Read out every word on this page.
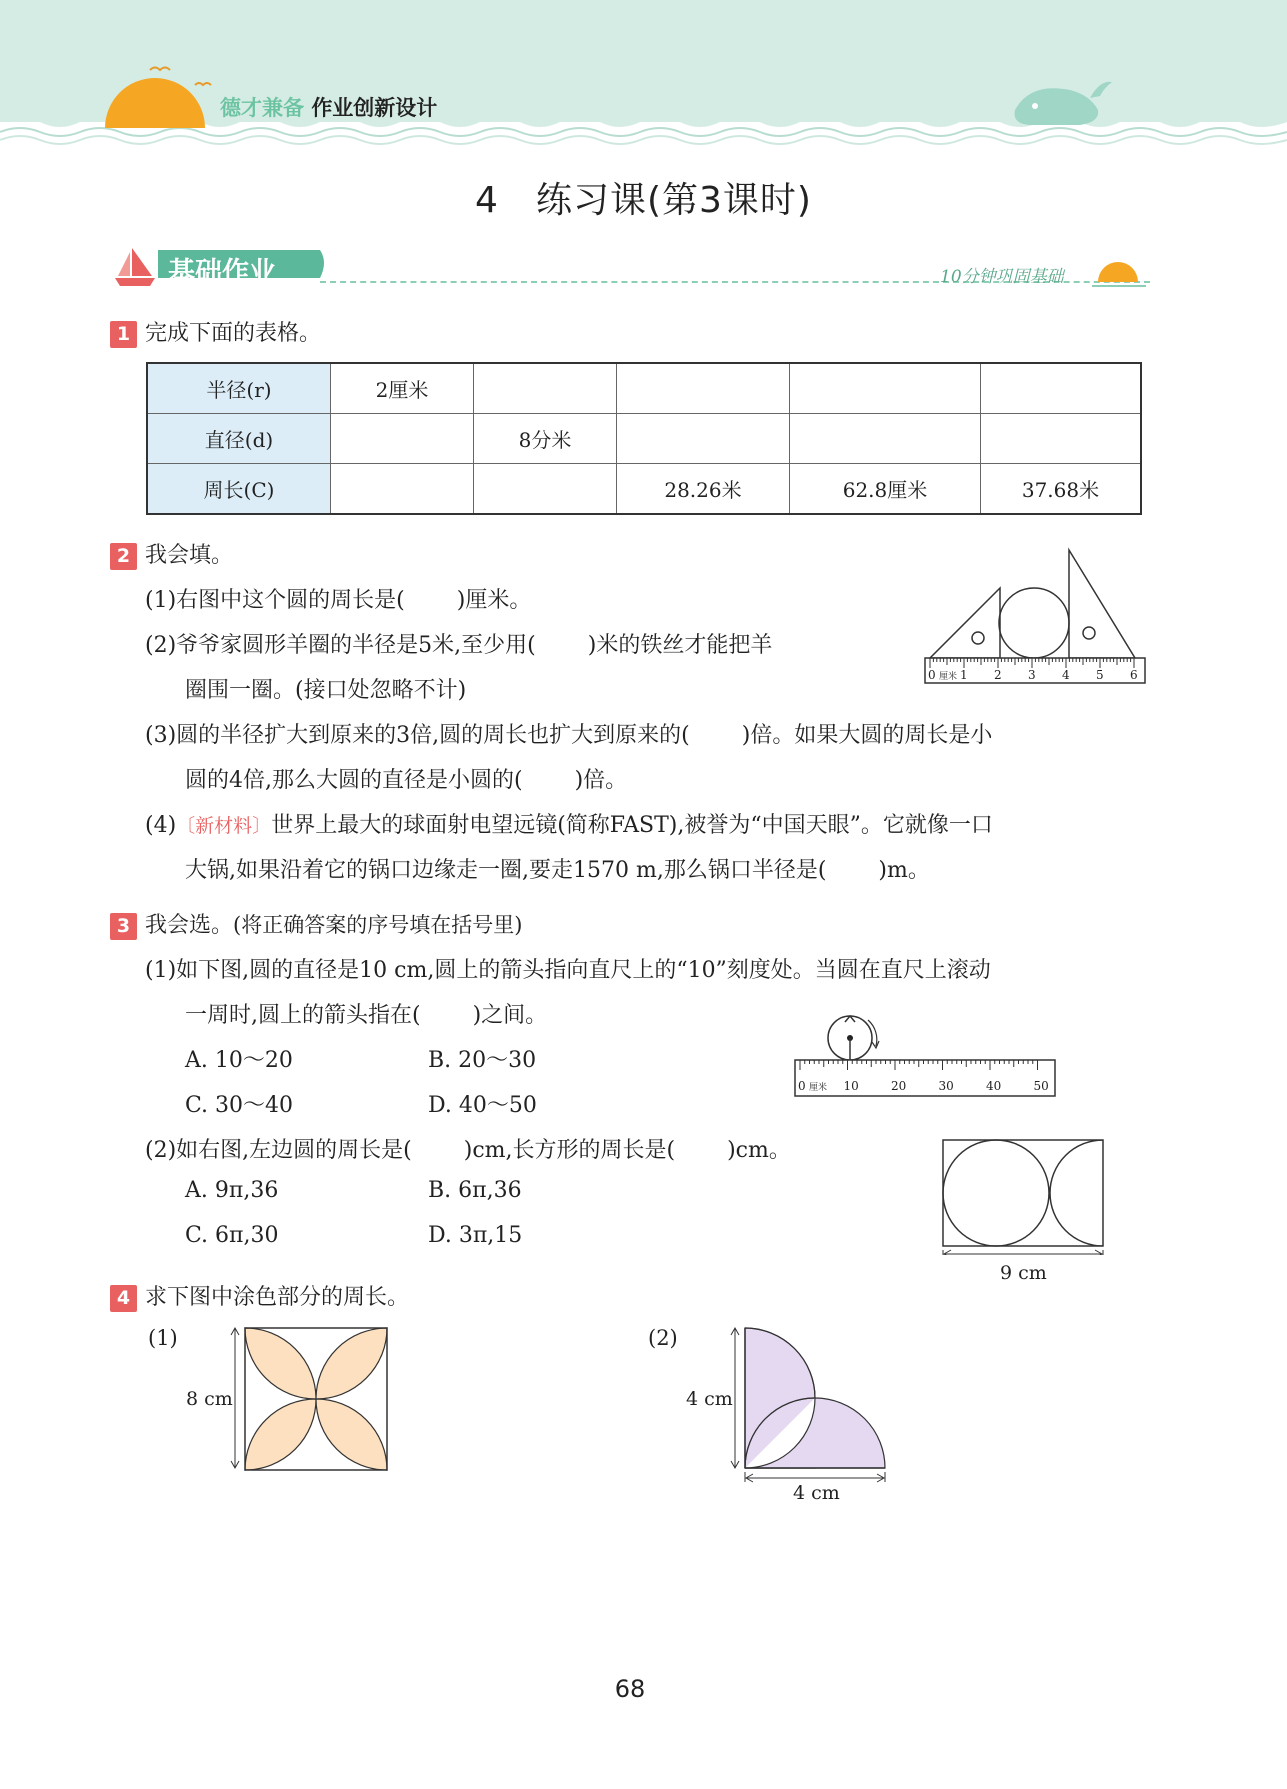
德才兼备 作业创新设计
4　练习课(第3课时)
基础作业	10分钟巩固基础
1 完成下面的表格。
半径(r)	2厘米				
直径(d)		8分米			
周长(C)			28.26米	62.8厘米	37.68米
2 我会填。
(1)右图中这个圆的周长是( )厘米。
(2)爷爷家圆形羊圈的半径是5米,至少用( )米的铁丝才能把羊
圈围一圈。(接口处忽略不计)
(3)圆的半径扩大到原来的3倍,圆的周长也扩大到原来的( )倍。如果大圆的周长是小
圆的4倍,那么大圆的直径是小圆的( )倍。
(4)〔新材料〕世界上最大的球面射电望远镜(简称FAST),被誉为“中国天眼”。它就像一口
大锅,如果沿着它的锅口边缘走一圈,要走1570 m,那么锅口半径是( )m。
0 厘米 1 2 3 4 5 6
3 我会选。(将正确答案的序号填在括号里)
(1)如下图,圆的直径是10 cm,圆上的箭头指向直尺上的“10”刻度处。当圆在直尺上滚动
一周时,圆上的箭头指在( )之间。
A. 10～20	B. 20～30
C. 30～40	D. 40～50
0 厘米 10	20	30	40	50
(2)如右图,左边圆的周长是( )cm,长方形的周长是( )cm。
A. 9π,36	B. 6π,36
C. 6π,30	D. 3π,15
9 cm
4 求下图中涂色部分的周长。
(1)
8 cm
(2)
4 cm
4 cm
68
